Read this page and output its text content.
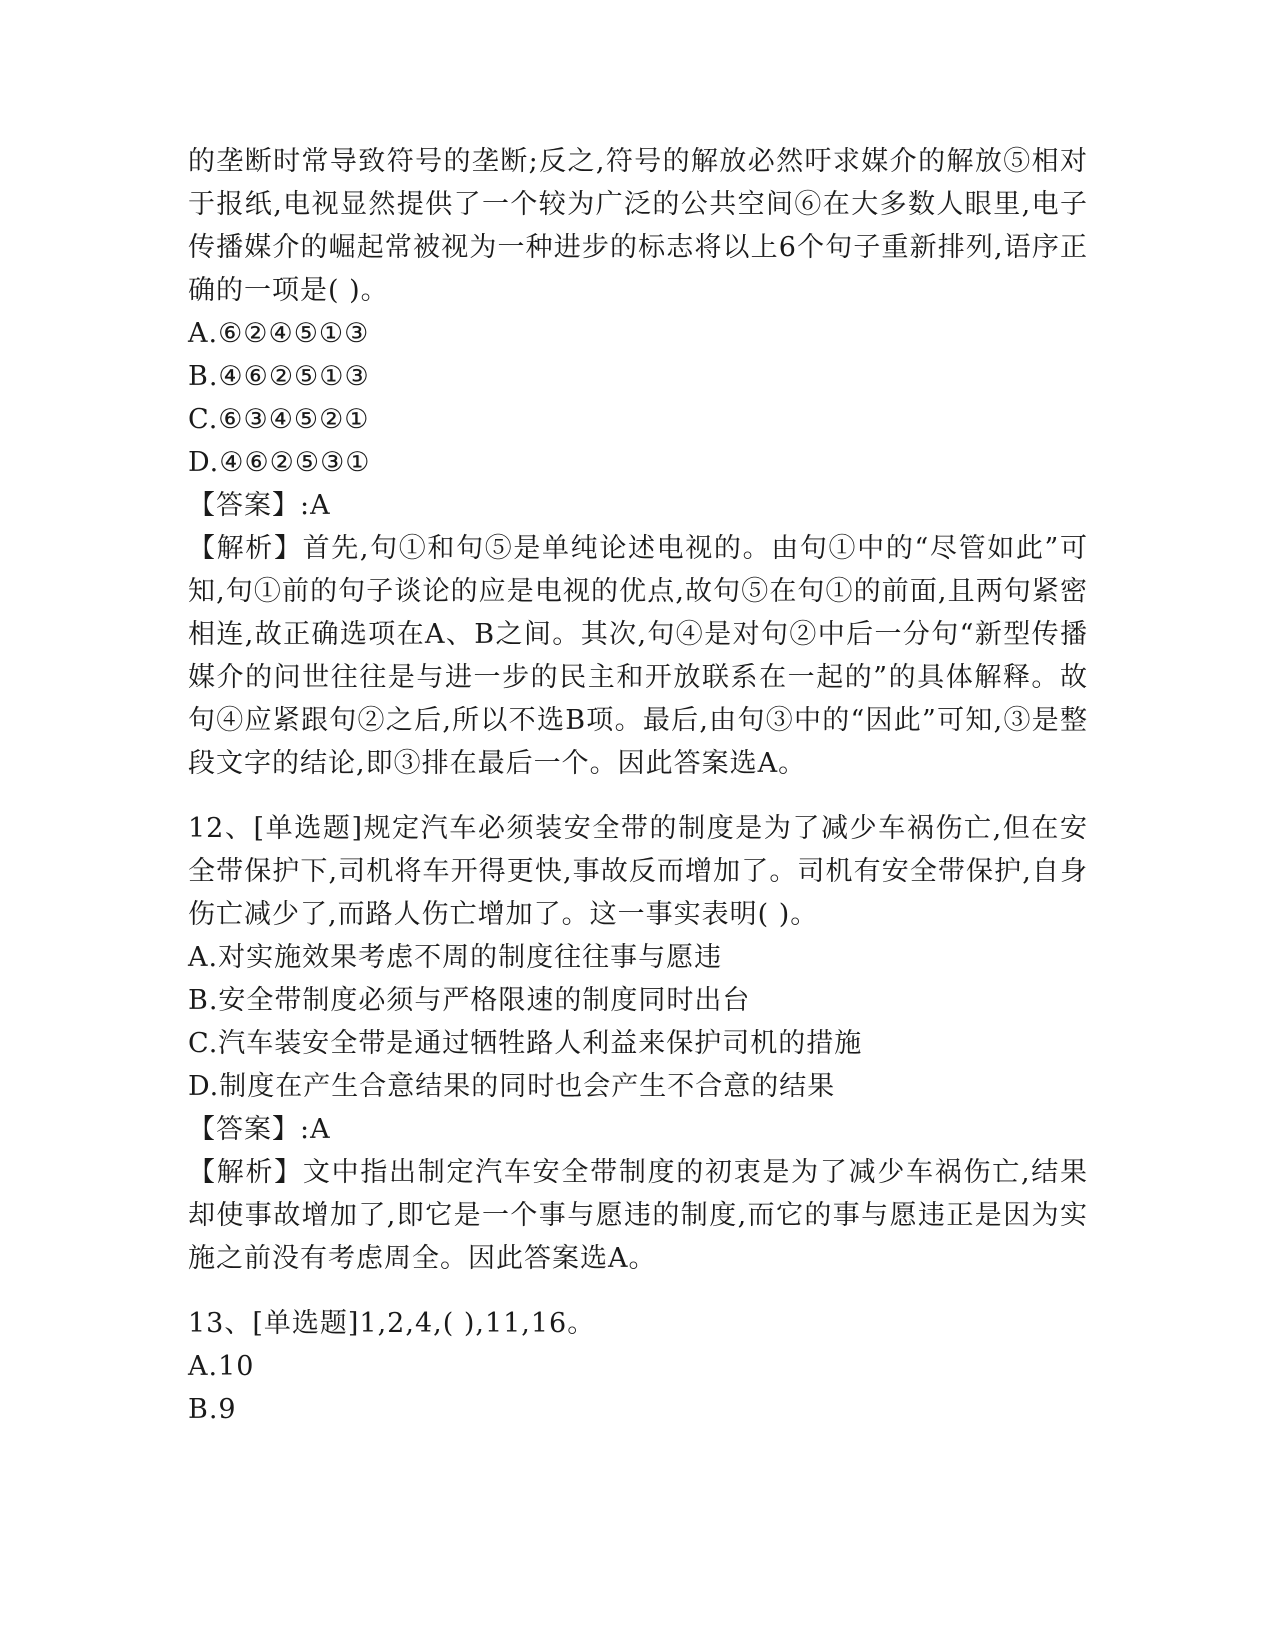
的垄断时常导致符号的垄断;反之,符号的解放必然吁求媒介的解放⑤相对于报纸,电视显然提供了一个较为广泛的公共空间⑥在大多数人眼里,电子传播媒介的崛起常被视为一种进步的标志将以上6个句子重新排列,语序正确的一项是( )。

A.⑥②④⑤①③

B.④⑥②⑤①③

C.⑥③④⑤②①

D.④⑥②⑤③①

【答案】:A

【解析】首先,句①和句⑤是单纯论述电视的。由句①中的“尽管如此”可知,句①前的句子谈论的应是电视的优点,故句⑤在句①的前面,且两句紧密相连,故正确选项在A、B之间。其次,句④是对句②中后一分句“新型传播媒介的问世往往是与进一步的民主和开放联系在一起的”的具体解释。故句④应紧跟句②之后,所以不选B项。最后,由句③中的“因此”可知,③是整段文字的结论,即③排在最后一个。因此答案选A。

12、[单选题]规定汽车必须装安全带的制度是为了减少车祸伤亡,但在安全带保护下,司机将车开得更快,事故反而增加了。司机有安全带保护,自身伤亡减少了,而路人伤亡增加了。这一事实表明( )。

A.对实施效果考虑不周的制度往往事与愿违

B.安全带制度必须与严格限速的制度同时出台

C.汽车装安全带是通过牺牲路人利益来保护司机的措施

D.制度在产生合意结果的同时也会产生不合意的结果

【答案】:A

【解析】文中指出制定汽车安全带制度的初衷是为了减少车祸伤亡,结果却使事故增加了,即它是一个事与愿违的制度,而它的事与愿违正是因为实施之前没有考虑周全。因此答案选A。

13、[单选题]1,2,4,( ),11,16。

A.10

B.9
